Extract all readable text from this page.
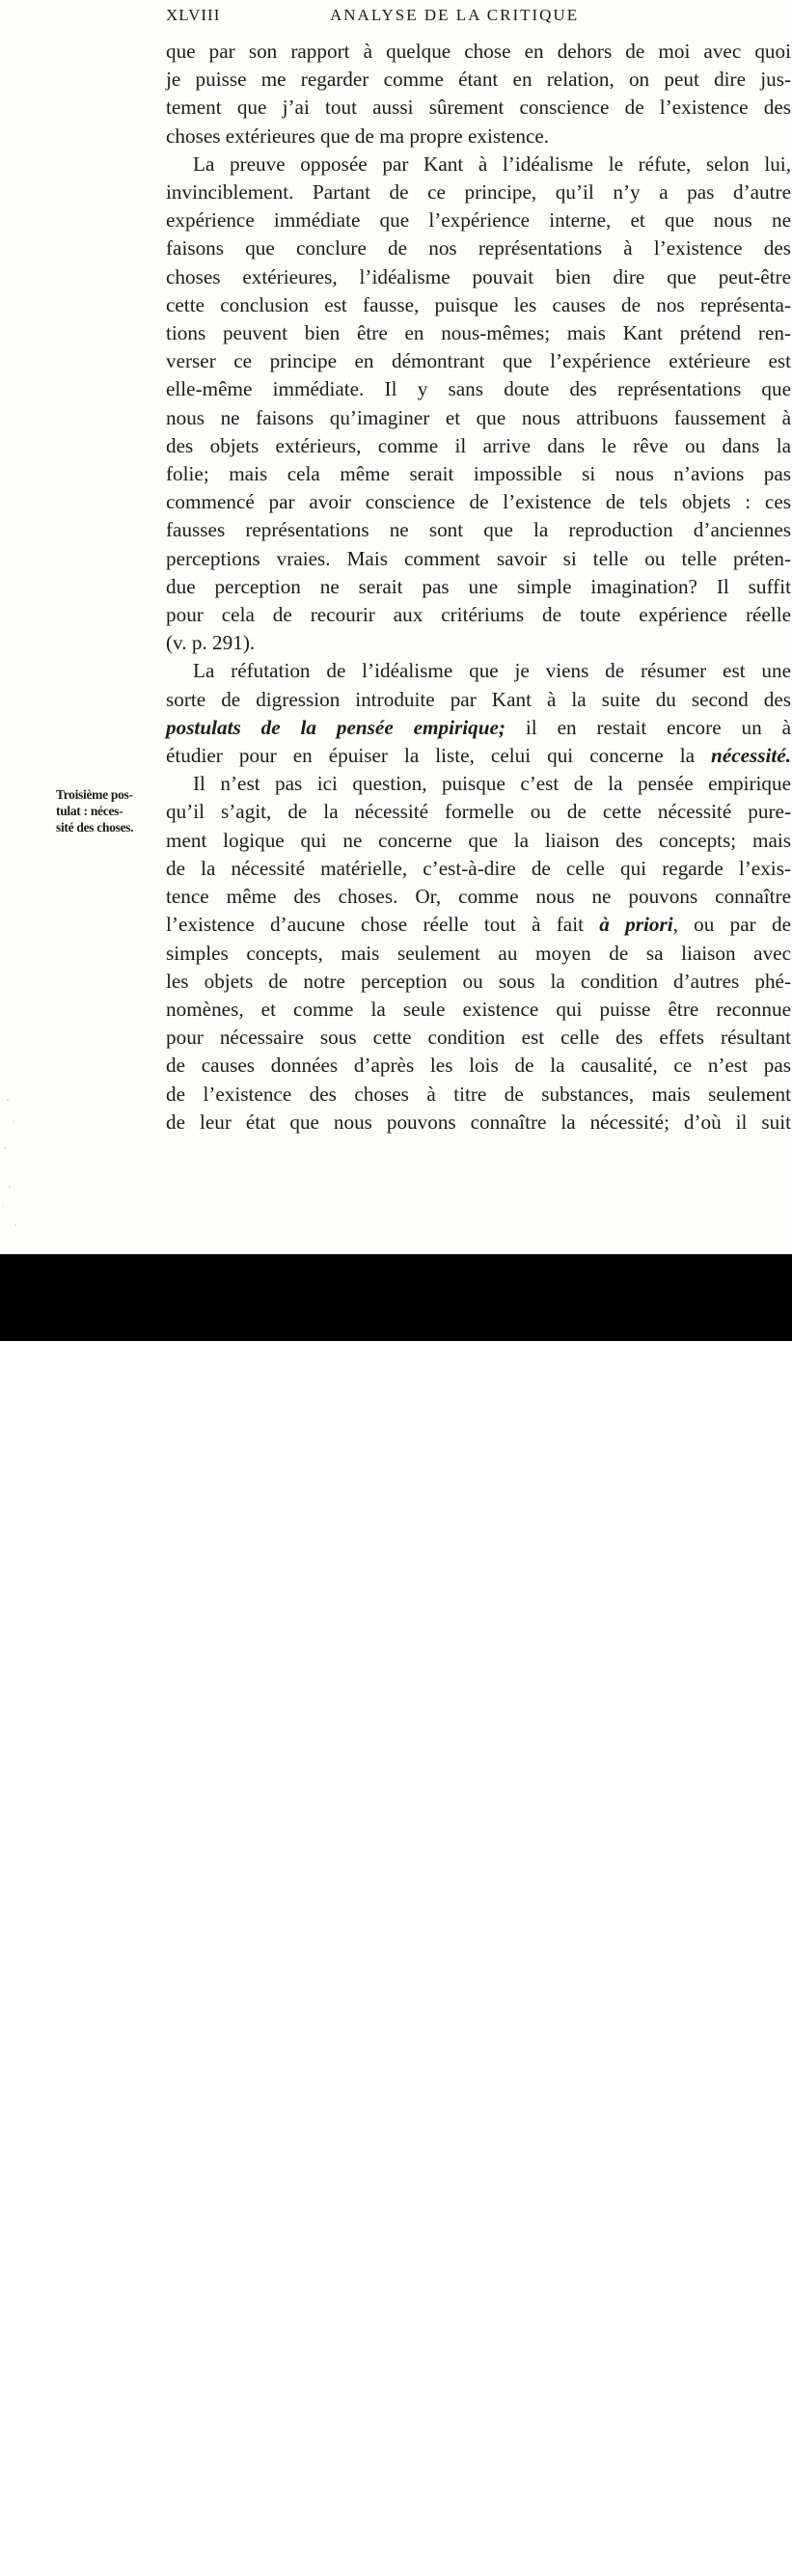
XLVIII	ANALYSE DE LA CRITIQUE
Troisième pos-
tulat : néces-
sité des choses.
que par son rapport à quelque chose en dehors de moi avec quoi
je puisse me regarder comme étant en relation, on peut dire jus-
tement que j’ai tout aussi sûrement conscience de l’existence des
choses extérieures que de ma propre existence.
La preuve opposée par Kant à l’idéalisme le réfute, selon lui,
invinciblement. Partant de ce principe, qu’il n’y a pas d’autre
expérience immédiate que l’expérience interne, et que nous ne
faisons que conclure de nos représentations à l’existence des
choses extérieures, l’idéalisme pouvait bien dire que peut-être
cette conclusion est fausse, puisque les causes de nos représenta-
tions peuvent bien être en nous-mêmes; mais Kant prétend ren-
verser ce principe en démontrant que l’expérience extérieure est
elle-même immédiate. Il y sans doute des représentations que
nous ne faisons qu’imaginer et que nous attribuons faussement à
des objets extérieurs, comme il arrive dans le rêve ou dans la
folie; mais cela même serait impossible si nous n’avions pas
commencé par avoir conscience de l’existence de tels objets : ces
fausses représentations ne sont que la reproduction d’anciennes
perceptions vraies. Mais comment savoir si telle ou telle préten-
due perception ne serait pas une simple imagination? Il suffit
pour cela de recourir aux critériums de toute expérience réelle
(v. p. 291).
La réfutation de l’idéalisme que je viens de résumer est une
sorte de digression introduite par Kant à la suite du second des
postulats de la pensée empirique; il en restait encore un à
étudier pour en épuiser la liste, celui qui concerne la nécessité.
Il n’est pas ici question, puisque c’est de la pensée empirique
qu’il s’agit, de la nécessité formelle ou de cette nécessité pure-
ment logique qui ne concerne que la liaison des concepts; mais
de la nécessité matérielle, c’est-à-dire de celle qui regarde l’exis-
tence même des choses. Or, comme nous ne pouvons connaître
l’existence d’aucune chose réelle tout à fait à priori, ou par de
simples concepts, mais seulement au moyen de sa liaison avec
les objets de notre perception ou sous la condition d’autres phé-
nomènes, et comme la seule existence qui puisse être reconnue
pour nécessaire sous cette condition est celle des effets résultant
de causes données d’après les lois de la causalité, ce n’est pas
de l’existence des choses à titre de substances, mais seulement
de leur état que nous pouvons connaître la nécessité; d’où il suit
alamy	JE8ADN
www.alamy.com
